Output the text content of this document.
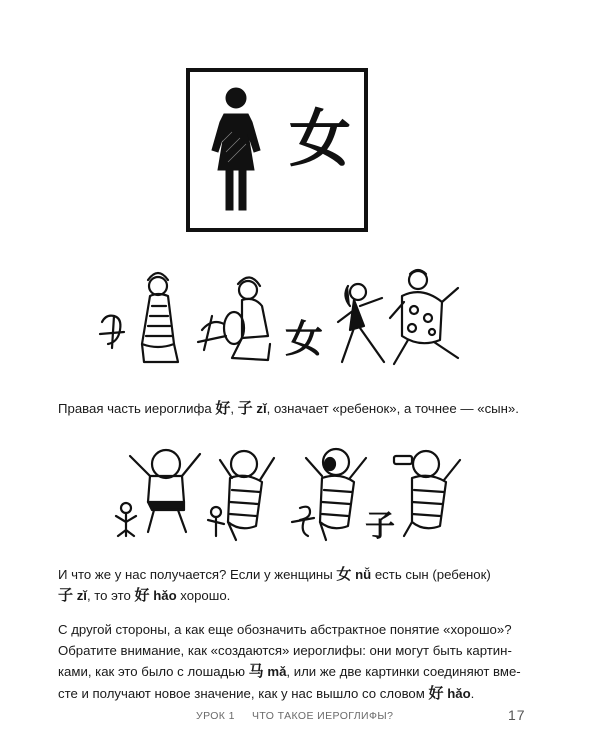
女
女

Правая часть иероглифа 好, 子 zǐ, означает «ребенок», а точнее — «сын».

子

И что же у нас получается? Если у женщины 女 nǚ есть сын (ребенок)
子 zǐ, то это 好 hǎo хорошо.

С другой стороны, а как еще обозначить абстрактное понятие «хорошо»?
Обратите внимание, как «создаются» иероглифы: они могут быть картин-
ками, как это было с лошадью 马 mǎ, или же две картинки соединяют вме-
сте и получают новое значение, как у нас вышло со словом 好 hǎo.

УРОК 1 ЧТО ТАКОЕ ИЕРОГЛИФЫ?	17
